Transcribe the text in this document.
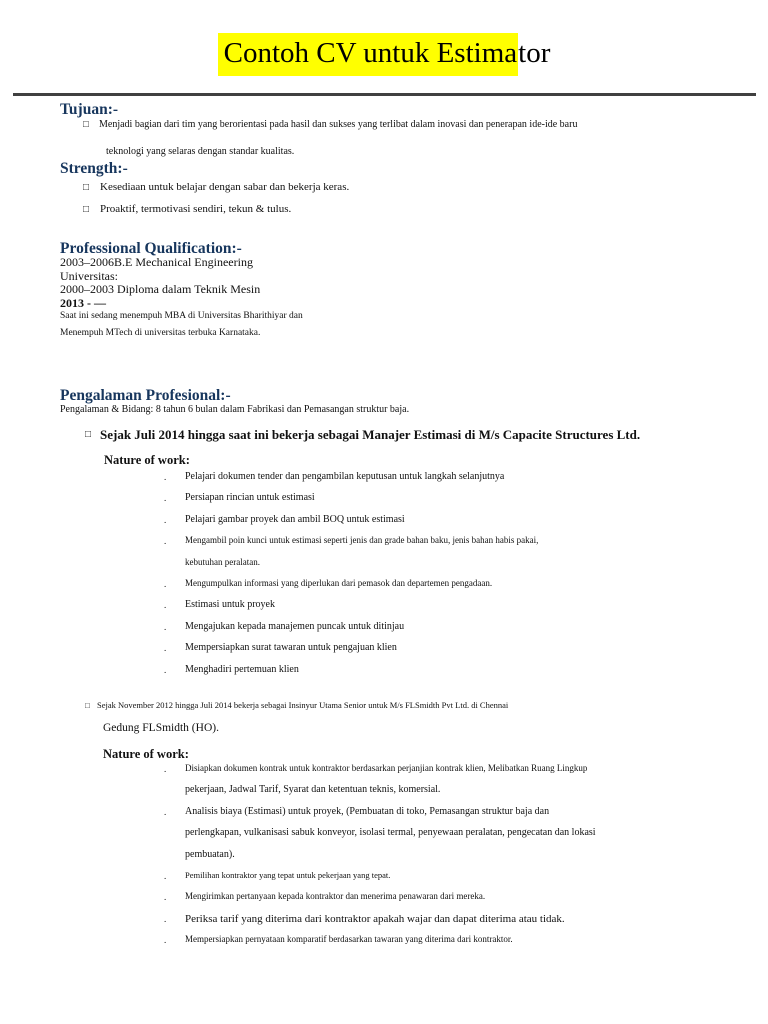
Contoh CV untuk Estimator
Tujuan:-
□	Menjadi bagian dari tim yang berorientasi pada hasil dan sukses yang terlibat dalam inovasi dan penerapan ide-ide baru
teknologi yang selaras dengan standar kualitas.
Strength:-
□ Kesediaan untuk belajar dengan sabar dan bekerja keras.
□ Proaktif, termotivasi sendiri, tekun & tulus.
Professional Qualification:-
2003–2006B.E Mechanical Engineering
Universitas:
2000–2003 Diploma dalam Teknik Mesin
2013 - —
Saat ini sedang menempuh MBA di Universitas Bharithiyar dan
Menempuh MTech di universitas terbuka Karnataka.
Pengalaman Profesional:-
Pengalaman & Bidang: 8 tahun 6 bulan dalam Fabrikasi dan Pemasangan struktur baja.
□ Sejak Juli 2014 hingga saat ini bekerja sebagai Manajer Estimasi di M/s Capacite Structures Ltd.
Nature of work:
.	Pelajari dokumen tender dan pengambilan keputusan untuk langkah selanjutnya
.	Persiapan rincian untuk estimasi
.	Pelajari gambar proyek dan ambil BOQ untuk estimasi
.	Mengambil poin kunci untuk estimasi seperti jenis dan grade bahan baku, jenis bahan habis pakai,
kebutuhan peralatan.
.	Mengumpulkan informasi yang diperlukan dari pemasok dan departemen pengadaan.
.	Estimasi untuk proyek
.	Mengajukan kepada manajemen puncak untuk ditinjau
.	Mempersiapkan surat tawaran untuk pengajuan klien
.	Menghadiri pertemuan klien
□ Sejak November 2012 hingga Juli 2014 bekerja sebagai Insinyur Utama Senior untuk M/s FLSmidth Pvt Ltd. di Chennai
Gedung FLSmidth (HO).
Nature of work:
.	Disiapkan dokumen kontrak untuk kontraktor berdasarkan perjanjian kontrak klien, Melibatkan Ruang Lingkup
pekerjaan, Jadwal Tarif, Syarat dan ketentuan teknis, komersial.
.	Analisis biaya (Estimasi) untuk proyek, (Pembuatan di toko, Pemasangan struktur baja dan
perlengkapan, vulkanisasi sabuk konveyor, isolasi termal, penyewaan peralatan, pengecatan dan lokasi
pembuatan).
.	Pemilihan kontraktor yang tepat untuk pekerjaan yang tepat.
.	Mengirimkan pertanyaan kepada kontraktor dan menerima penawaran dari mereka.
.	Periksa tarif yang diterima dari kontraktor apakah wajar dan dapat diterima atau tidak.
.	Mempersiapkan pernyataan komparatif berdasarkan tawaran yang diterima dari kontraktor.
